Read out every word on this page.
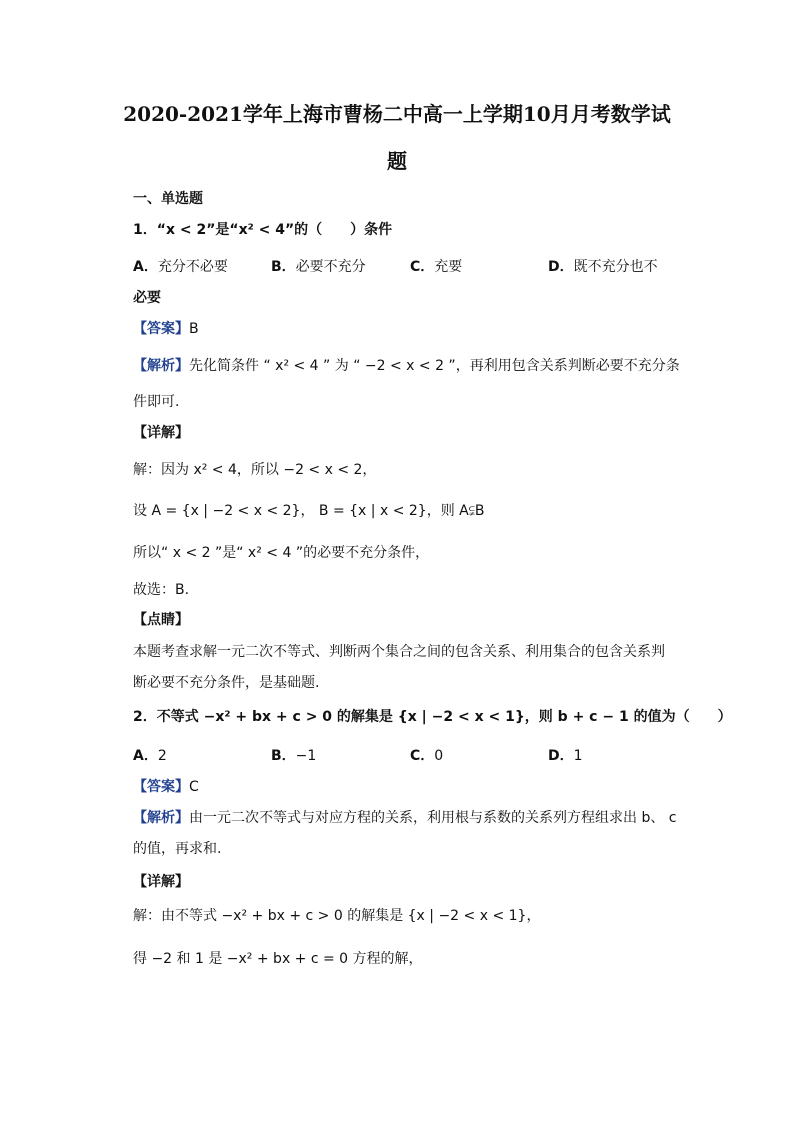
2020-2021学年上海市曹杨二中高一上学期10月月考数学试
题
一、单选题
1．“x < 2”是“x² < 4”的（　　）条件
A．充分不必要	B．必要不充分	C．充要	D．既不充分也不
必要
【答案】B
【解析】先化简条件 “ x² < 4 ” 为 “ −2 < x < 2 ”，再利用包含关系判断必要不充分条
件即可.
【详解】
解：因为 x² < 4，所以 −2 < x < 2，
设 A = {x | −2 < x < 2}， B = {x | x < 2}，则 A⫋B
所以“ x < 2 ”是“ x² < 4 ”的必要不充分条件，
故选：B.
【点睛】
本题考查求解一元二次不等式、判断两个集合之间的包含关系、利用集合的包含关系判
断必要不充分条件，是基础题.
2．不等式 −x² + bx + c > 0 的解集是 {x | −2 < x < 1}，则 b + c − 1 的值为（　　）
A．2	B．−1	C．0	D．1
【答案】C
【解析】由一元二次不等式与对应方程的关系，利用根与系数的关系列方程组求出 b、 c
的值，再求和.
【详解】
解：由不等式 −x² + bx + c > 0 的解集是 {x | −2 < x < 1}，
得 −2 和 1 是 −x² + bx + c = 0 方程的解，
